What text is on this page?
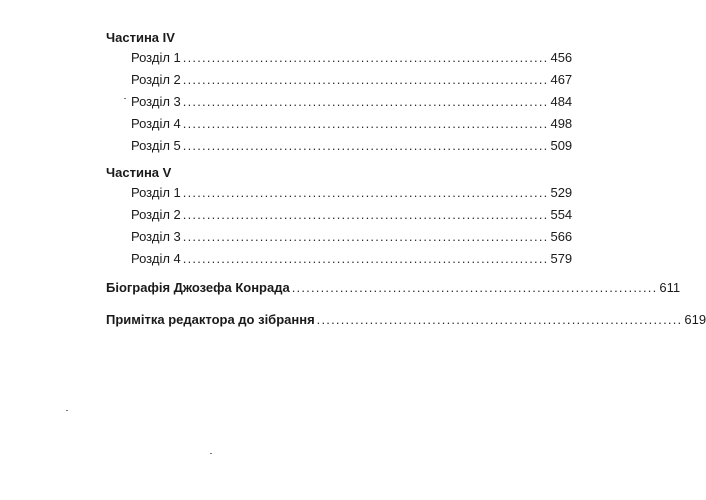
Частина IV
Розділ 1 ............................................................................ 456
Розділ 2 ............................................................................ 467
Розділ 3 ............................................................................ 484
Розділ 4 ............................................................................ 498
Розділ 5 ............................................................................ 509
Частина V
Розділ 1 ............................................................................ 529
Розділ 2 ............................................................................ 554
Розділ 3 ............................................................................ 566
Розділ 4 ............................................................................ 579
Біографія Джозефа Конрада ............................................................................ 611
Примітка редактора до зібрання ............................................................................ 619
